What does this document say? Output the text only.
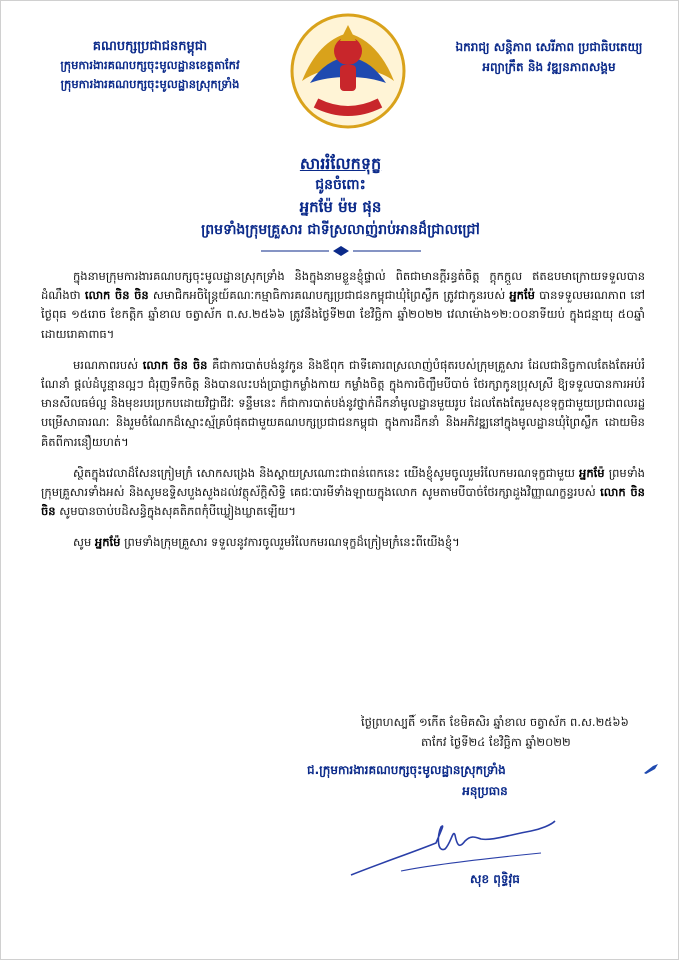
គណបក្សប្រជាជនកម្ពុជា
ក្រុមការងារគណបក្សចុះមូលដ្ឋានខេត្តតាកែវ
ក្រុមការងារគណបក្សចុះមូលដ្ឋានស្រុកទ្រាំង
ឯករាជ្យ សន្តិភាព សេរីភាព ប្រជាធិបតេយ្យ
អព្យាក្រឹត និង វឌ្ឍនភាពសង្គម
សាររំលែកទុក្ខ
ជូនចំពោះ
អ្នកម៉ែ ម៉ម ផុន
ព្រមទាំងក្រុមគ្រួសារ ជាទីស្រលាញ់រាប់អានដ៏ជ្រាលជ្រៅ

ក្នុងនាមក្រុមការងារគណបក្សចុះមូលដ្ឋានស្រុកទ្រាំង និងក្នុងនាមខ្លួនខ្ញុំផ្ទាល់ ពិតជាមានក្តីរន្ធត់ចិត្ត ក្តុកក្តួល ឥតឧបមាក្រោយទទួលបានដំណឹងថា លោក ចិន ចិន សមាជិកអចិន្ត្រៃយ៍គណៈកម្មាធិការគណបក្សប្រជាជនកម្ពុជាឃុំព្រៃស្លឹក ត្រូវជាកូនរបស់ អ្នកម៉ែ បានទទួលមរណភាព នៅថ្ងៃពុធ ១៥រោច ខែកត្តិក ឆ្នាំខាល ចត្វាស័ក ព.ស.២៥៦៦ ត្រូវនឹងថ្ងៃទី២៣ ខែវិច្ឆិកា ឆ្នាំ២០២២ វេលាម៉ោង១២:០០នាទីយប់ ក្នុងជន្មាយុ ៥០ឆ្នាំ ដោយរោគាពាធ។

មរណភាពរបស់ លោក ចិន ចិន គឺជាការបាត់បង់នូវកូន និងឪពុក ជាទីគោរពស្រលាញ់បំផុតរបស់ក្រុមគ្រួសារ ដែលជានិច្ចកាលតែងតែអប់រំ ណែនាំ ផ្តល់ដំបូន្មានល្អៗ ជំរុញទឹកចិត្ត និងបានលះបង់ប្រាជ្ញាកម្លាំងកាយ កម្លាំងចិត្ត ក្នុងការចិញ្ចឹមបីបាច់ ថែរក្សាកូនប្រុសស្រី ឱ្យទទួលបានការអប់រំ មានសីលធម៌ល្អ និងមុខរបរប្រកបដោយវិជ្ជាជីវៈ ទន្ទឹមនេះ ក៏ជាការបាត់បង់នូវថ្នាក់ដឹកនាំមូលដ្ឋានមួយរូប ដែលតែងតែរួមសុខទុក្ខជាមួយប្រជាពលរដ្ឋ បម្រើសាធារណៈ និងរួមចំណែកដ៏ស្មោះស្ម័គ្របំផុតជាមួយគណបក្សប្រជាជនកម្ពុជា ក្នុងការដឹកនាំ និងអភិវឌ្ឍនៅក្នុងមូលដ្ឋានឃុំព្រៃស្លឹក ដោយមិនគិតពីការនឿយហត់។

ស្ថិតក្នុងវេលាដ៏សែនក្រៀមក្រំ សោកសង្រេង និងស្តាយស្រណោះជាពន់ពេកនេះ យើងខ្ញុំសូមចូលរួមរំលែកមរណទុក្ខជាមួយ អ្នកម៉ែ ព្រមទាំងក្រុមគ្រួសារទាំងអស់ និងសូមឧទ្ទិសបួងសួងដល់វត្ថុស័ក្តិសិទ្ធិ គេជៈបារមីទាំងឡាយក្នុងលោក សូមតាមបីបាច់ថែរក្សាដួងវិញ្ញាណក្ខន្ធរបស់ លោក ចិន ចិន សូមបានចាប់បដិសន្ធិក្នុងសុគតិភពកុំបីឃ្លៀងឃ្លាតឡើយ។

សូម អ្នកម៉ែ ព្រមទាំងក្រុមគ្រួសារ ទទួលនូវការចូលរួមរំលែកមរណទុក្ខដ៏ក្រៀមក្រំនេះពីយើងខ្ញុំ។

ថ្ងៃព្រហស្បតិ៍ ១កើត ខែមិគសិរ ឆ្នាំខាល ចត្វាស័ក ព.ស.២៥៦៦
តាកែវ ថ្ងៃទី២៤ ខែវិច្ឆិកា ឆ្នាំ២០២២
ជ.ក្រុមការងារគណបក្សចុះមូលដ្ឋានស្រុកទ្រាំង
អនុប្រធាន
សុខ ពុទ្ធិវុធ
